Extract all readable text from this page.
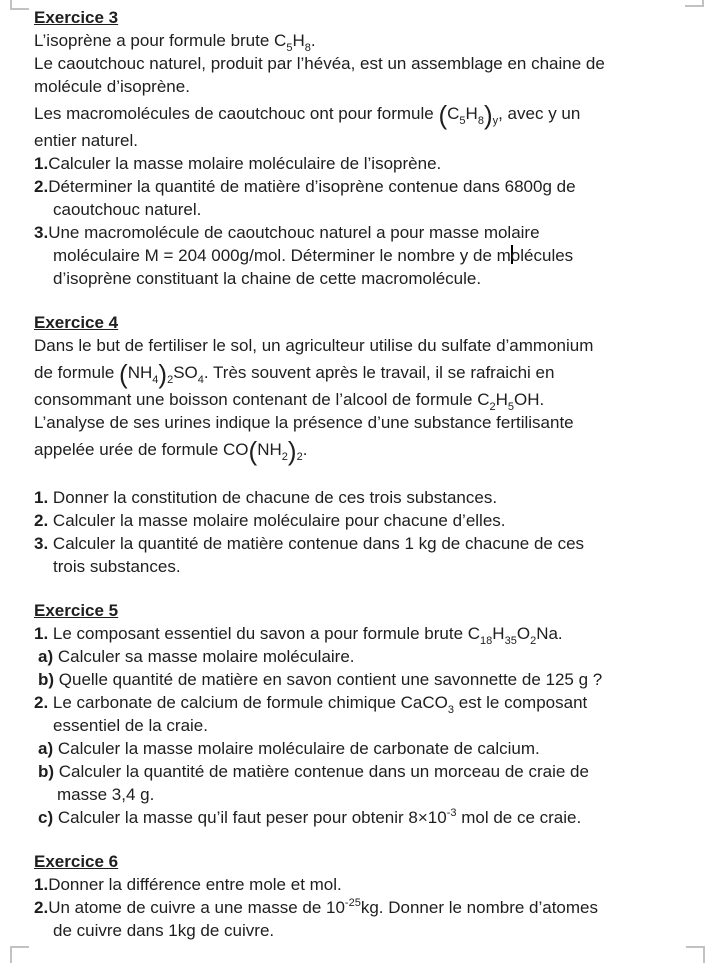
Exercice 3
L’isoprène a pour formule brute $C_5H_8$.
Le caoutchouc naturel, produit par l’hévéa, est un assemblage en chaine de
molécule d’isoprène.
Les macromolécules de caoutchouc ont pour formule $(C_5H_8)_y$, avec y un
entier naturel.
1.Calculer la masse molaire moléculaire de l’isoprène.
2.Déterminer la quantité de matière d’isoprène contenue dans 6800g de
caoutchouc naturel.
3.Une macromolécule de caoutchouc naturel a pour masse molaire
moléculaire M = 204 000g/mol. Déterminer le nombre y de molécules
d’isoprène constituant la chaine de cette macromolécule.
Exercice 4
Dans le but de fertiliser le sol, un agriculteur utilise du sulfate d’ammonium
de formule $(NH_4)_2SO_4$. Très souvent après le travail, il se rafraichi en
consommant une boisson contenant de l’alcool de formule $C_2H_5OH$.
L’analyse de ses urines indique la présence d’une substance fertilisante
appelée urée de formule $CO(NH_2)_2$.
1. Donner la constitution de chacune de ces trois substances.
2. Calculer la masse molaire moléculaire pour chacune d’elles.
3. Calculer la quantité de matière contenue dans 1 kg de chacune de ces
trois substances.
Exercice 5
1. Le composant essentiel du savon a pour formule brute $C_{18}H_{35}O_2Na$.
a) Calculer sa masse molaire moléculaire.
b) Quelle quantité de matière en savon contient une savonnette de 125 g ?
2. Le carbonate de calcium de formule chimique CaCO$_3$ est le composant
essentiel de la craie.
a) Calculer la masse molaire moléculaire de carbonate de calcium.
b) Calculer la quantité de matière contenue dans un morceau de craie de
masse 3,4 g.
c) Calculer la masse qu’il faut peser pour obtenir $8\times 10^{-3}$ mol de ce craie.
Exercice 6
1.Donner la différence entre mole et mol.
2.Un atome de cuivre a une masse de $10^{-25}kg$. Donner le nombre d’atomes
de cuivre dans 1kg de cuivre.
